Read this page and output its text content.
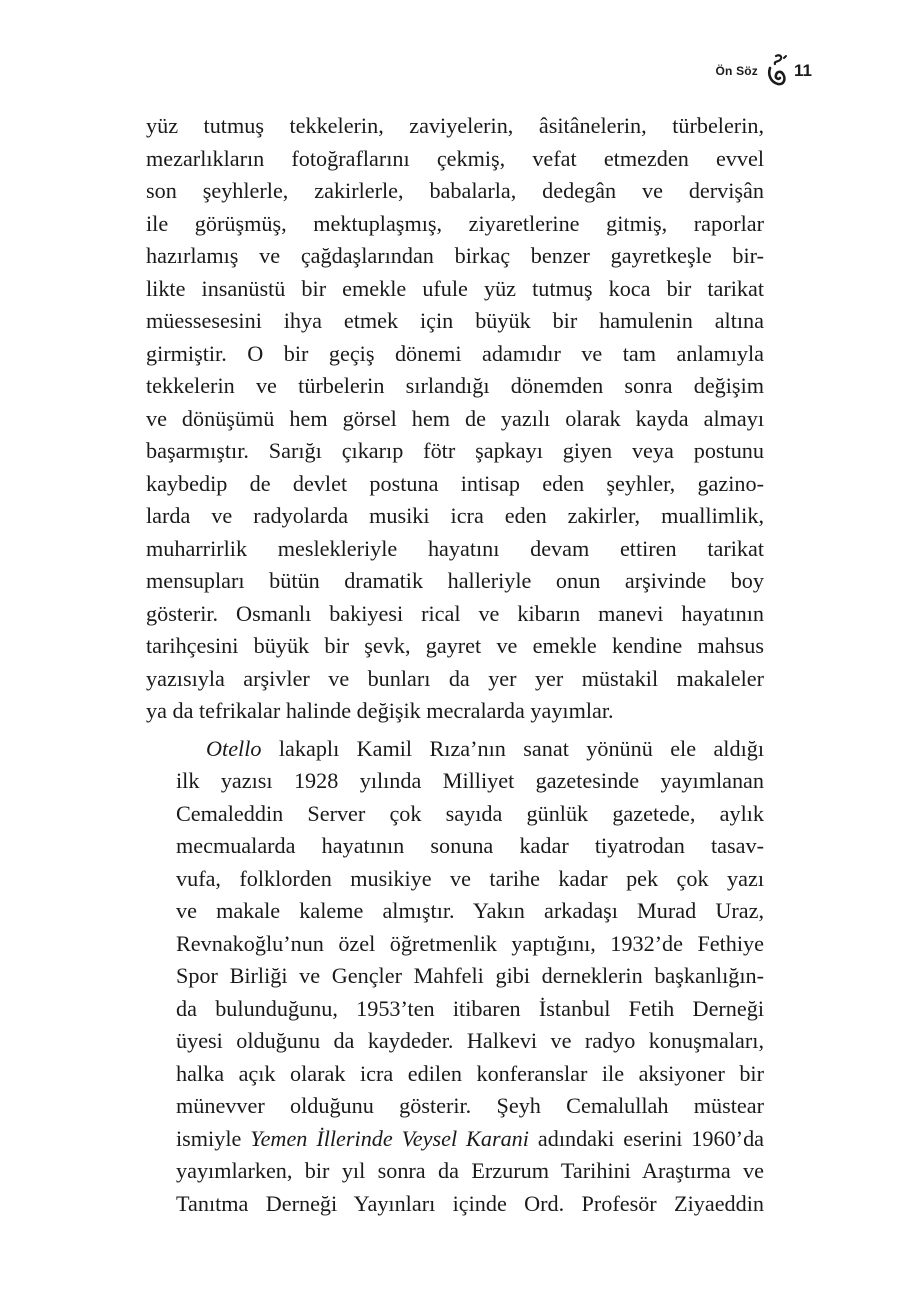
Ön Söz 11

yüz tutmuş tekkelerin, zaviyelerin, âsitânelerin, türbelerin,
mezarlıkların fotoğraflarını çekmiş, vefat etmezden evvel
son şeyhlerle, zakirlerle, babalarla, dedegân ve dervişân
ile görüşmüş, mektuplaşmış, ziyaretlerine gitmiş, raporlar
hazırlamış ve çağdaşlarından birkaç benzer gayretkeşle bir-
likte insanüstü bir emekle ufule yüz tutmuş koca bir tarikat
müessesesini ihya etmek için büyük bir hamulenin altına
girmiştir. O bir geçiş dönemi adamıdır ve tam anlamıyla
tekkelerin ve türbelerin sırlandığı dönemden sonra değişim
ve dönüşümü hem görsel hem de yazılı olarak kayda almayı
başarmıştır. Sarığı çıkarıp fötr şapkayı giyen veya postunu
kaybedip de devlet postuna intisap eden şeyhler, gazino-
larda ve radyolarda musiki icra eden zakirler, muallimlik,
muharrirlik meslekleriyle hayatını devam ettiren tarikat
mensupları bütün dramatik halleriyle onun arşivinde boy
gösterir. Osmanlı bakiyesi rical ve kibarın manevi hayatının
tarihçesini büyük bir şevk, gayret ve emekle kendine mahsus
yazısıyla arşivler ve bunları da yer yer müstakil makaleler
ya da tefrikalar halinde değişik mecralarda yayımlar.

Otello lakaplı Kamil Rıza’nın sanat yönünü ele aldığı
ilk yazısı 1928 yılında Milliyet gazetesinde yayımlanan
Cemaleddin Server çok sayıda günlük gazetede, aylık
mecmualarda hayatının sonuna kadar tiyatrodan tasav-
vufa, folklorden musikiye ve tarihe kadar pek çok yazı
ve makale kaleme almıştır. Yakın arkadaşı Murad Uraz,
Revnakoğlu’nun özel öğretmenlik yaptığını, 1932’de Fethiye
Spor Birliği ve Gençler Mahfeli gibi derneklerin başkanlığın-
da bulunduğunu, 1953’ten itibaren İstanbul Fetih Derneği
üyesi olduğunu da kaydeder. Halkevi ve radyo konuşmaları,
halka açık olarak icra edilen konferanslar ile aksiyoner bir
münevver olduğunu gösterir. Şeyh Cemalullah müstear
ismiyle Yemen İllerinde Veysel Karani adındaki eserini 1960’da
yayımlarken, bir yıl sonra da Erzurum Tarihini Araştırma ve
Tanıtma Derneği Yayınları içinde Ord. Profesör Ziyaeddin
